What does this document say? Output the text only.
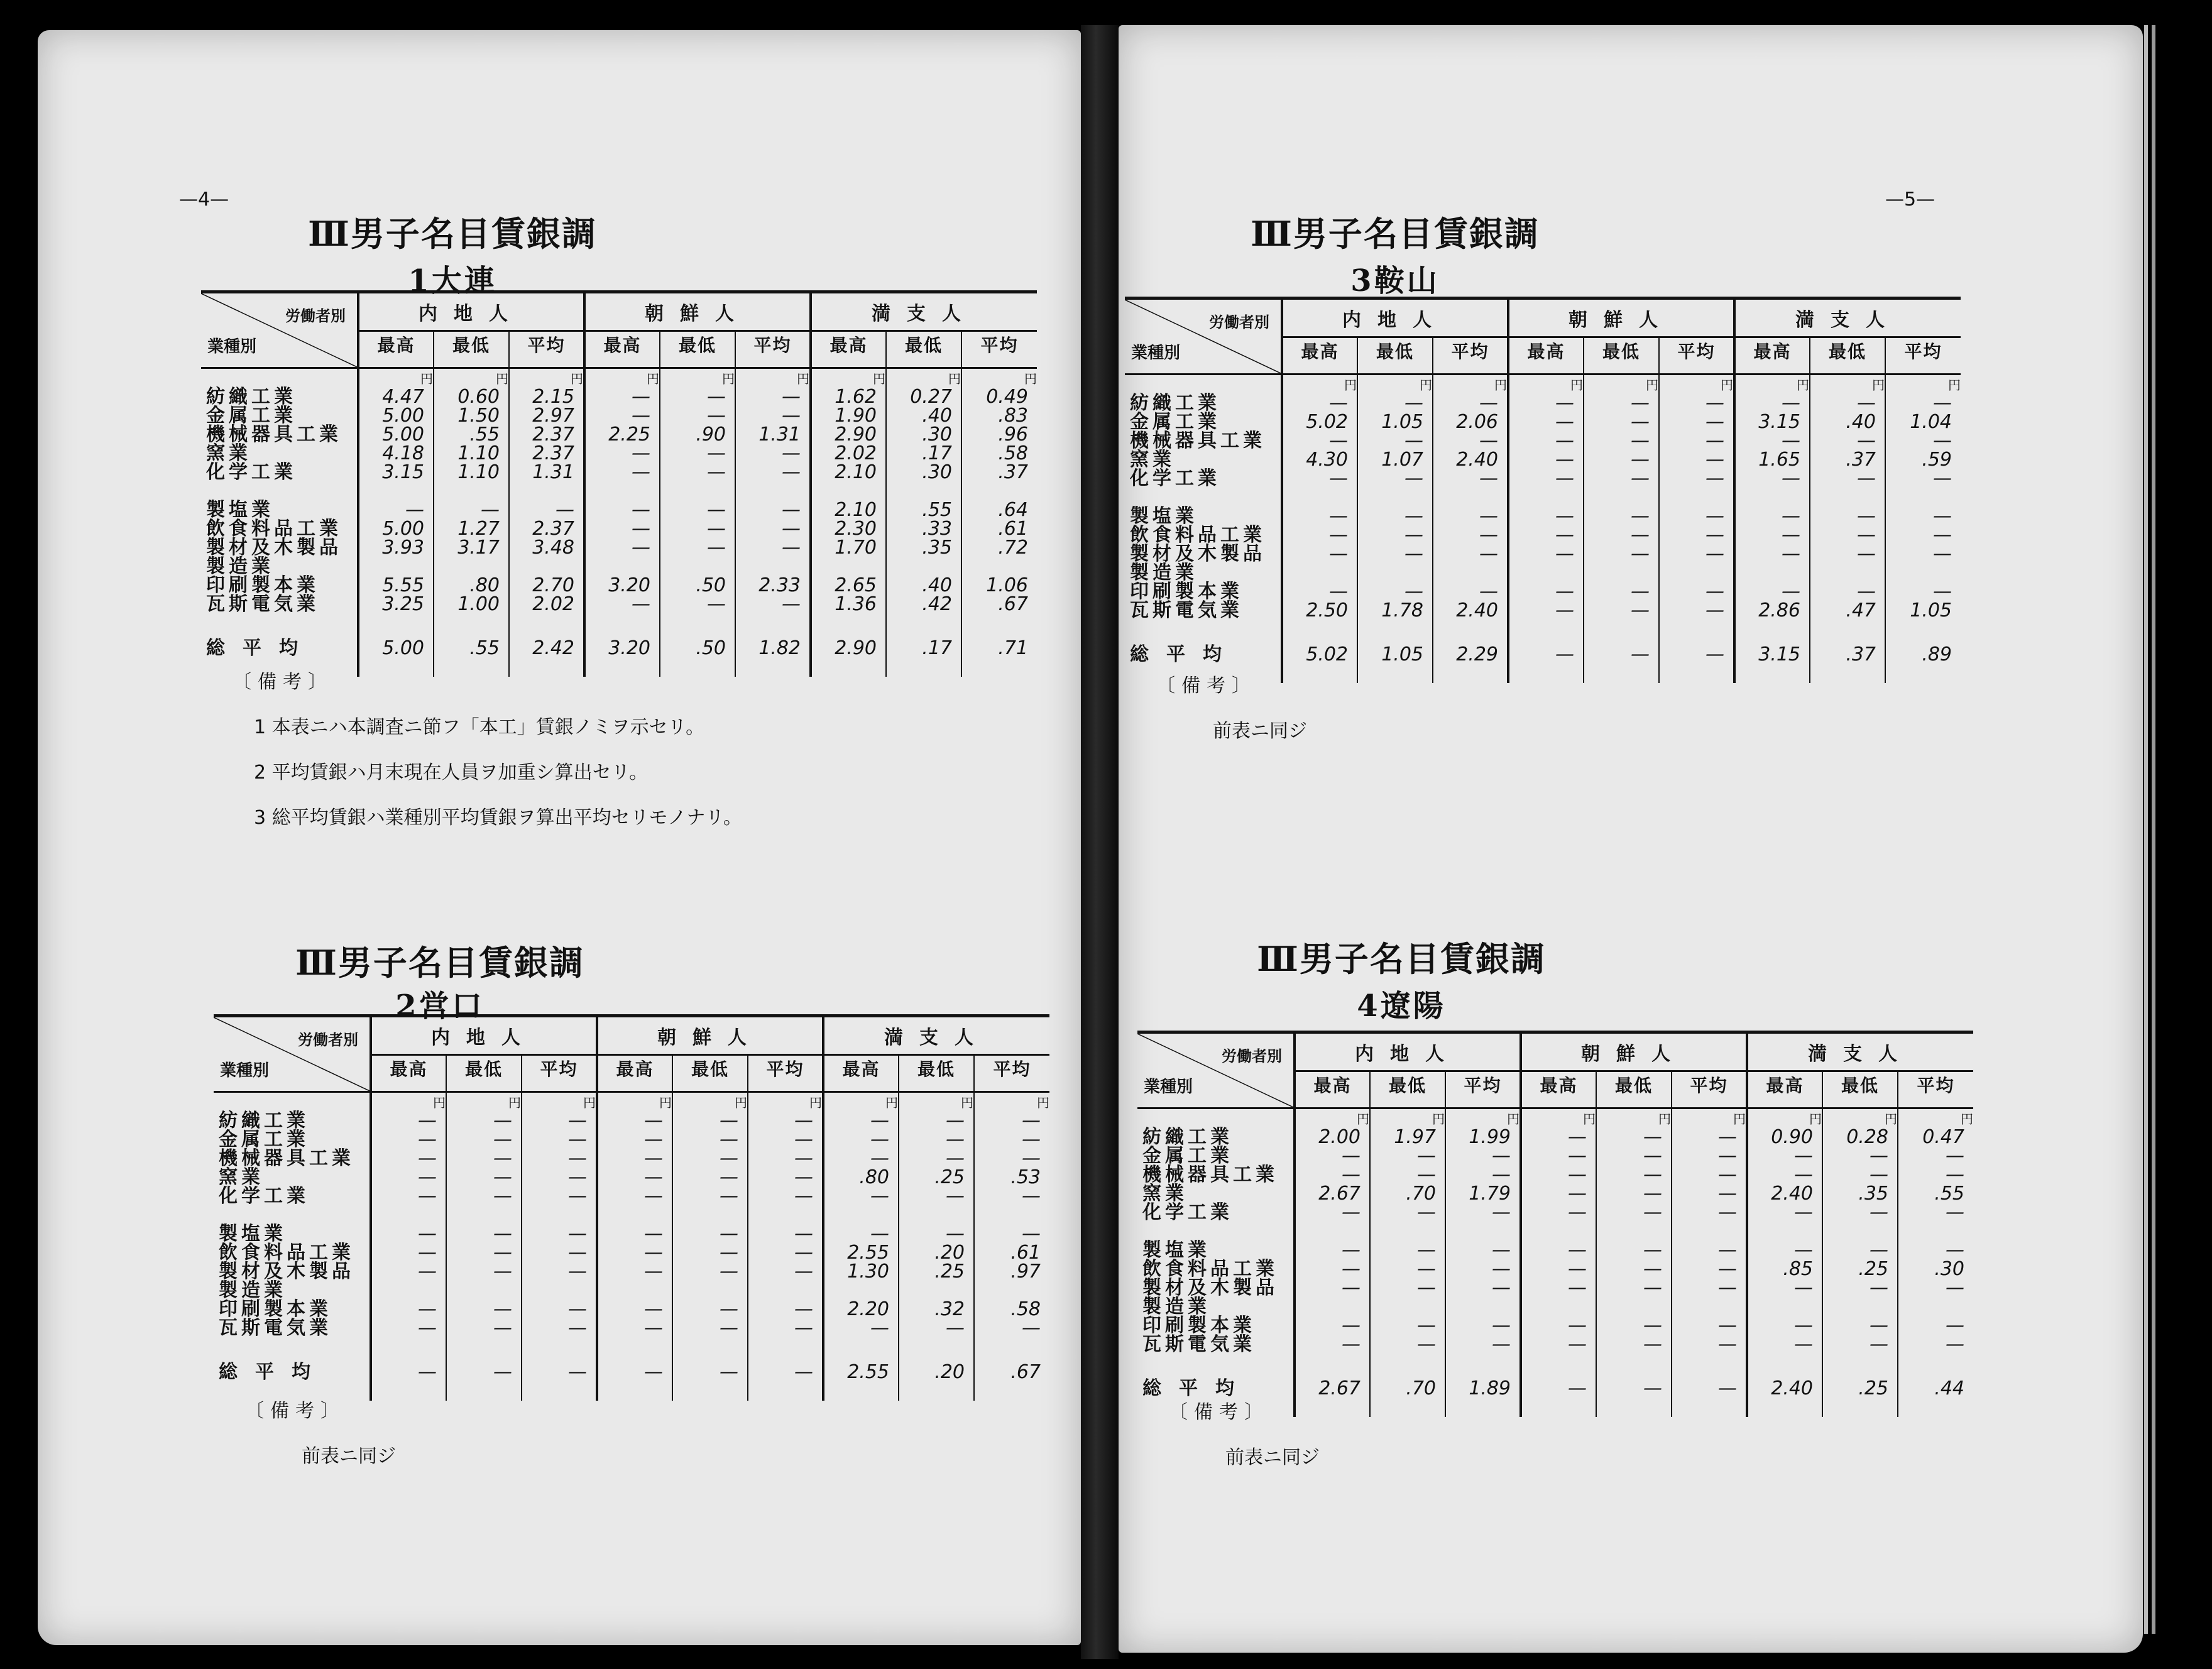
—4—	—5—
Ⅲ男子名目賃銀調
1大連
労働者別
業種別	内地人			朝鮮人			満支人		
	最高	最低	平均	最高	最低	平均	最高	最低	平均
	円	円	円	円	円	円	円	円	円
紡織工業	4.47	0.60	2.15	—	—	—	1.62	0.27	0.49
金属工業	5.00	1.50	2.97	—	—	—	1.90	.40	.83
機械器具工業	5.00	.55	2.37	2.25	.90	1.31	2.90	.30	.96
窯業	4.18	1.10	2.37	—	—	—	2.02	.17	.58
化学工業	3.15	1.10	1.31	—	—	—	2.10	.30	.37

製塩業	—	—	—	—	—	—	2.10	.55	.64
飲食料品工業	5.00	1.27	2.37	—	—	—	2.30	.33	.61
製材及木製品製造業	3.93	3.17	3.48	—	—	—	1.70	.35	.72
印刷製本業	5.55	.80	2.70	3.20	.50	2.33	2.65	.40	1.06
瓦斯電気業	3.25	1.00	2.02	—	—	—	1.36	.42	.67

総平均	5.00	.55	2.42	3.20	.50	1.82	2.90	.17	.71
〔備考〕
1 本表ニハ本調査ニ節フ「本工」賃銀ノミヲ示セリ。
2 平均賃銀ハ月末現在人員ヲ加重シ算出セリ。
3 総平均賃銀ハ業種別平均賃銀ヲ算出平均セリモノナリ。
Ⅲ男子名目賃銀調
2営口
労働者別
業種別	内地人			朝鮮人			満支人		
	最高	最低	平均	最高	最低	平均	最高	最低	平均
	円	円	円	円	円	円	円	円	円
紡織工業	—	—	—	—	—	—	—	—	—
金属工業	—	—	—	—	—	—	—	—	—
機械器具工業	—	—	—	—	—	—	—	—	—
窯業	—	—	—	—	—	—	.80	.25	.53
化学工業	—	—	—	—	—	—	—	—	—

製塩業	—	—	—	—	—	—	—	—	—
飲食料品工業	—	—	—	—	—	—	2.55	.20	.61
製材及木製品製造業	—	—	—	—	—	—	1.30	.25	.97
印刷製本業	—	—	—	—	—	—	2.20	.32	.58
瓦斯電気業	—	—	—	—	—	—	—	—	—

総平均	—	—	—	—	—	—	2.55	.20	.67
〔備考〕
前表ニ同ジ
Ⅲ男子名目賃銀調
3鞍山
労働者別
業種別	内地人			朝鮮人			満支人		
	最高	最低	平均	最高	最低	平均	最高	最低	平均
	円	円	円	円	円	円	円	円	円
紡織工業	—	—	—	—	—	—	—	—	—
金属工業	5.02	1.05	2.06	—	—	—	3.15	.40	1.04
機械器具工業	—	—	—	—	—	—	—	—	—
窯業	4.30	1.07	2.40	—	—	—	1.65	.37	.59
化学工業	—	—	—	—	—	—	—	—	—

製塩業	—	—	—	—	—	—	—	—	—
飲食料品工業	—	—	—	—	—	—	—	—	—
製材及木製品製造業	—	—	—	—	—	—	—	—	—
印刷製本業	—	—	—	—	—	—	—	—	—
瓦斯電気業	2.50	1.78	2.40	—	—	—	2.86	.47	1.05

総平均	5.02	1.05	2.29	—	—	—	3.15	.37	.89
〔備考〕
前表ニ同ジ
Ⅲ男子名目賃銀調
4遼陽
労働者別
業種別	内地人			朝鮮人			満支人		
	最高	最低	平均	最高	最低	平均	最高	最低	平均
	円	円	円	円	円	円	円	円	円
紡織工業	2.00	1.97	1.99	—	—	—	0.90	0.28	0.47
金属工業	—	—	—	—	—	—	—	—	—
機械器具工業	—	—	—	—	—	—	—	—	—
窯業	2.67	.70	1.79	—	—	—	2.40	.35	.55
化学工業	—	—	—	—	—	—	—	—	—

製塩業	—	—	—	—	—	—	—	—	—
飲食料品工業	—	—	—	—	—	—	.85	.25	.30
製材及木製品製造業	—	—	—	—	—	—	—	—	—
印刷製本業	—	—	—	—	—	—	—	—	—
瓦斯電気業	—	—	—	—	—	—	—	—	—

総平均	2.67	.70	1.89	—	—	—	2.40	.25	.44
〔備考〕
前表ニ同ジ
